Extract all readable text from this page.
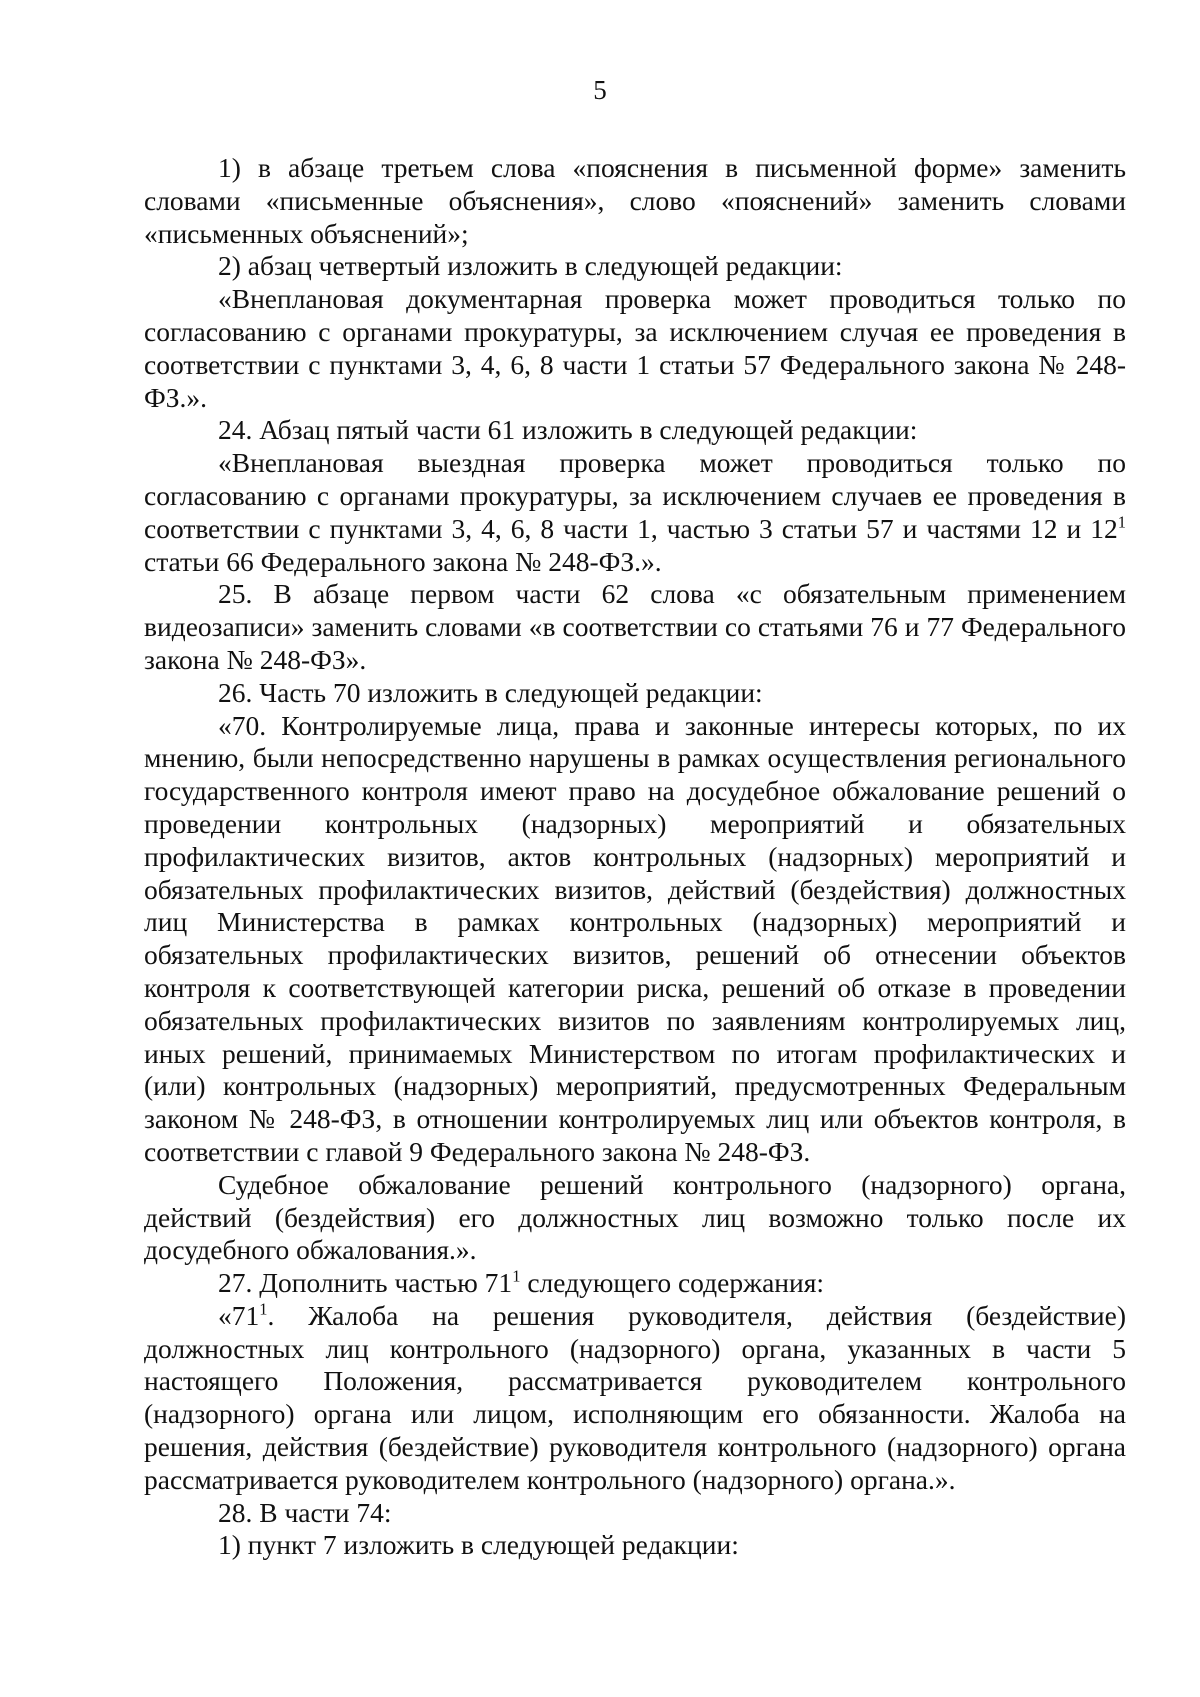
5

1) в абзаце третьем слова «пояснения в письменной форме» заменить словами «письменные объяснения», слово «пояснений» заменить словами «письменных объяснений»;

2) абзац четвертый изложить в следующей редакции:

«Внеплановая документарная проверка может проводиться только по согласованию с органами прокуратуры, за исключением случая ее проведения в соответствии с пунктами 3, 4, 6, 8 части 1 статьи 57 Федерального закона № 248-ФЗ.».

24. Абзац пятый части 61 изложить в следующей редакции:

«Внеплановая выездная проверка может проводиться только по согласованию с органами прокуратуры, за исключением случаев ее проведения в соответствии с пунктами 3, 4, 6, 8 части 1, частью 3 статьи 57 и частями 12 и $12^1$ статьи 66 Федерального закона № 248-ФЗ.».

25. В абзаце первом части 62 слова «с обязательным применением видеозаписи» заменить словами «в соответствии со статьями 76 и 77 Федерального закона № 248-ФЗ».

26. Часть 70 изложить в следующей редакции:

«70. Контролируемые лица, права и законные интересы которых, по их мнению, были непосредственно нарушены в рамках осуществления регионального государственного контроля имеют право на досудебное обжалование решений о проведении контрольных (надзорных) мероприятий и обязательных профилактических визитов, актов контрольных (надзорных) мероприятий и обязательных профилактических визитов, действий (бездействия) должностных лиц Министерства в рамках контрольных (надзорных) мероприятий и обязательных профилактических визитов, решений об отнесении объектов контроля к соответствующей категории риска, решений об отказе в проведении обязательных профилактических визитов по заявлениям контролируемых лиц, иных решений, принимаемых Министерством по итогам профилактических и (или) контрольных (надзорных) мероприятий, предусмотренных Федеральным законом № 248-ФЗ, в отношении контролируемых лиц или объектов контроля, в соответствии с главой 9 Федерального закона № 248-ФЗ.

Судебное обжалование решений контрольного (надзорного) органа, действий (бездействия) его должностных лиц возможно только после их досудебного обжалования.».

27. Дополнить частью $71^1$ следующего содержания:

«$71^1$. Жалоба на решения руководителя, действия (бездействие) должностных лиц контрольного (надзорного) органа, указанных в части 5 настоящего Положения, рассматривается руководителем контрольного (надзорного) органа или лицом, исполняющим его обязанности. Жалоба на решения, действия (бездействие) руководителя контрольного (надзорного) органа рассматривается руководителем контрольного (надзорного) органа.».

28. В части 74:

1) пункт 7 изложить в следующей редакции:
